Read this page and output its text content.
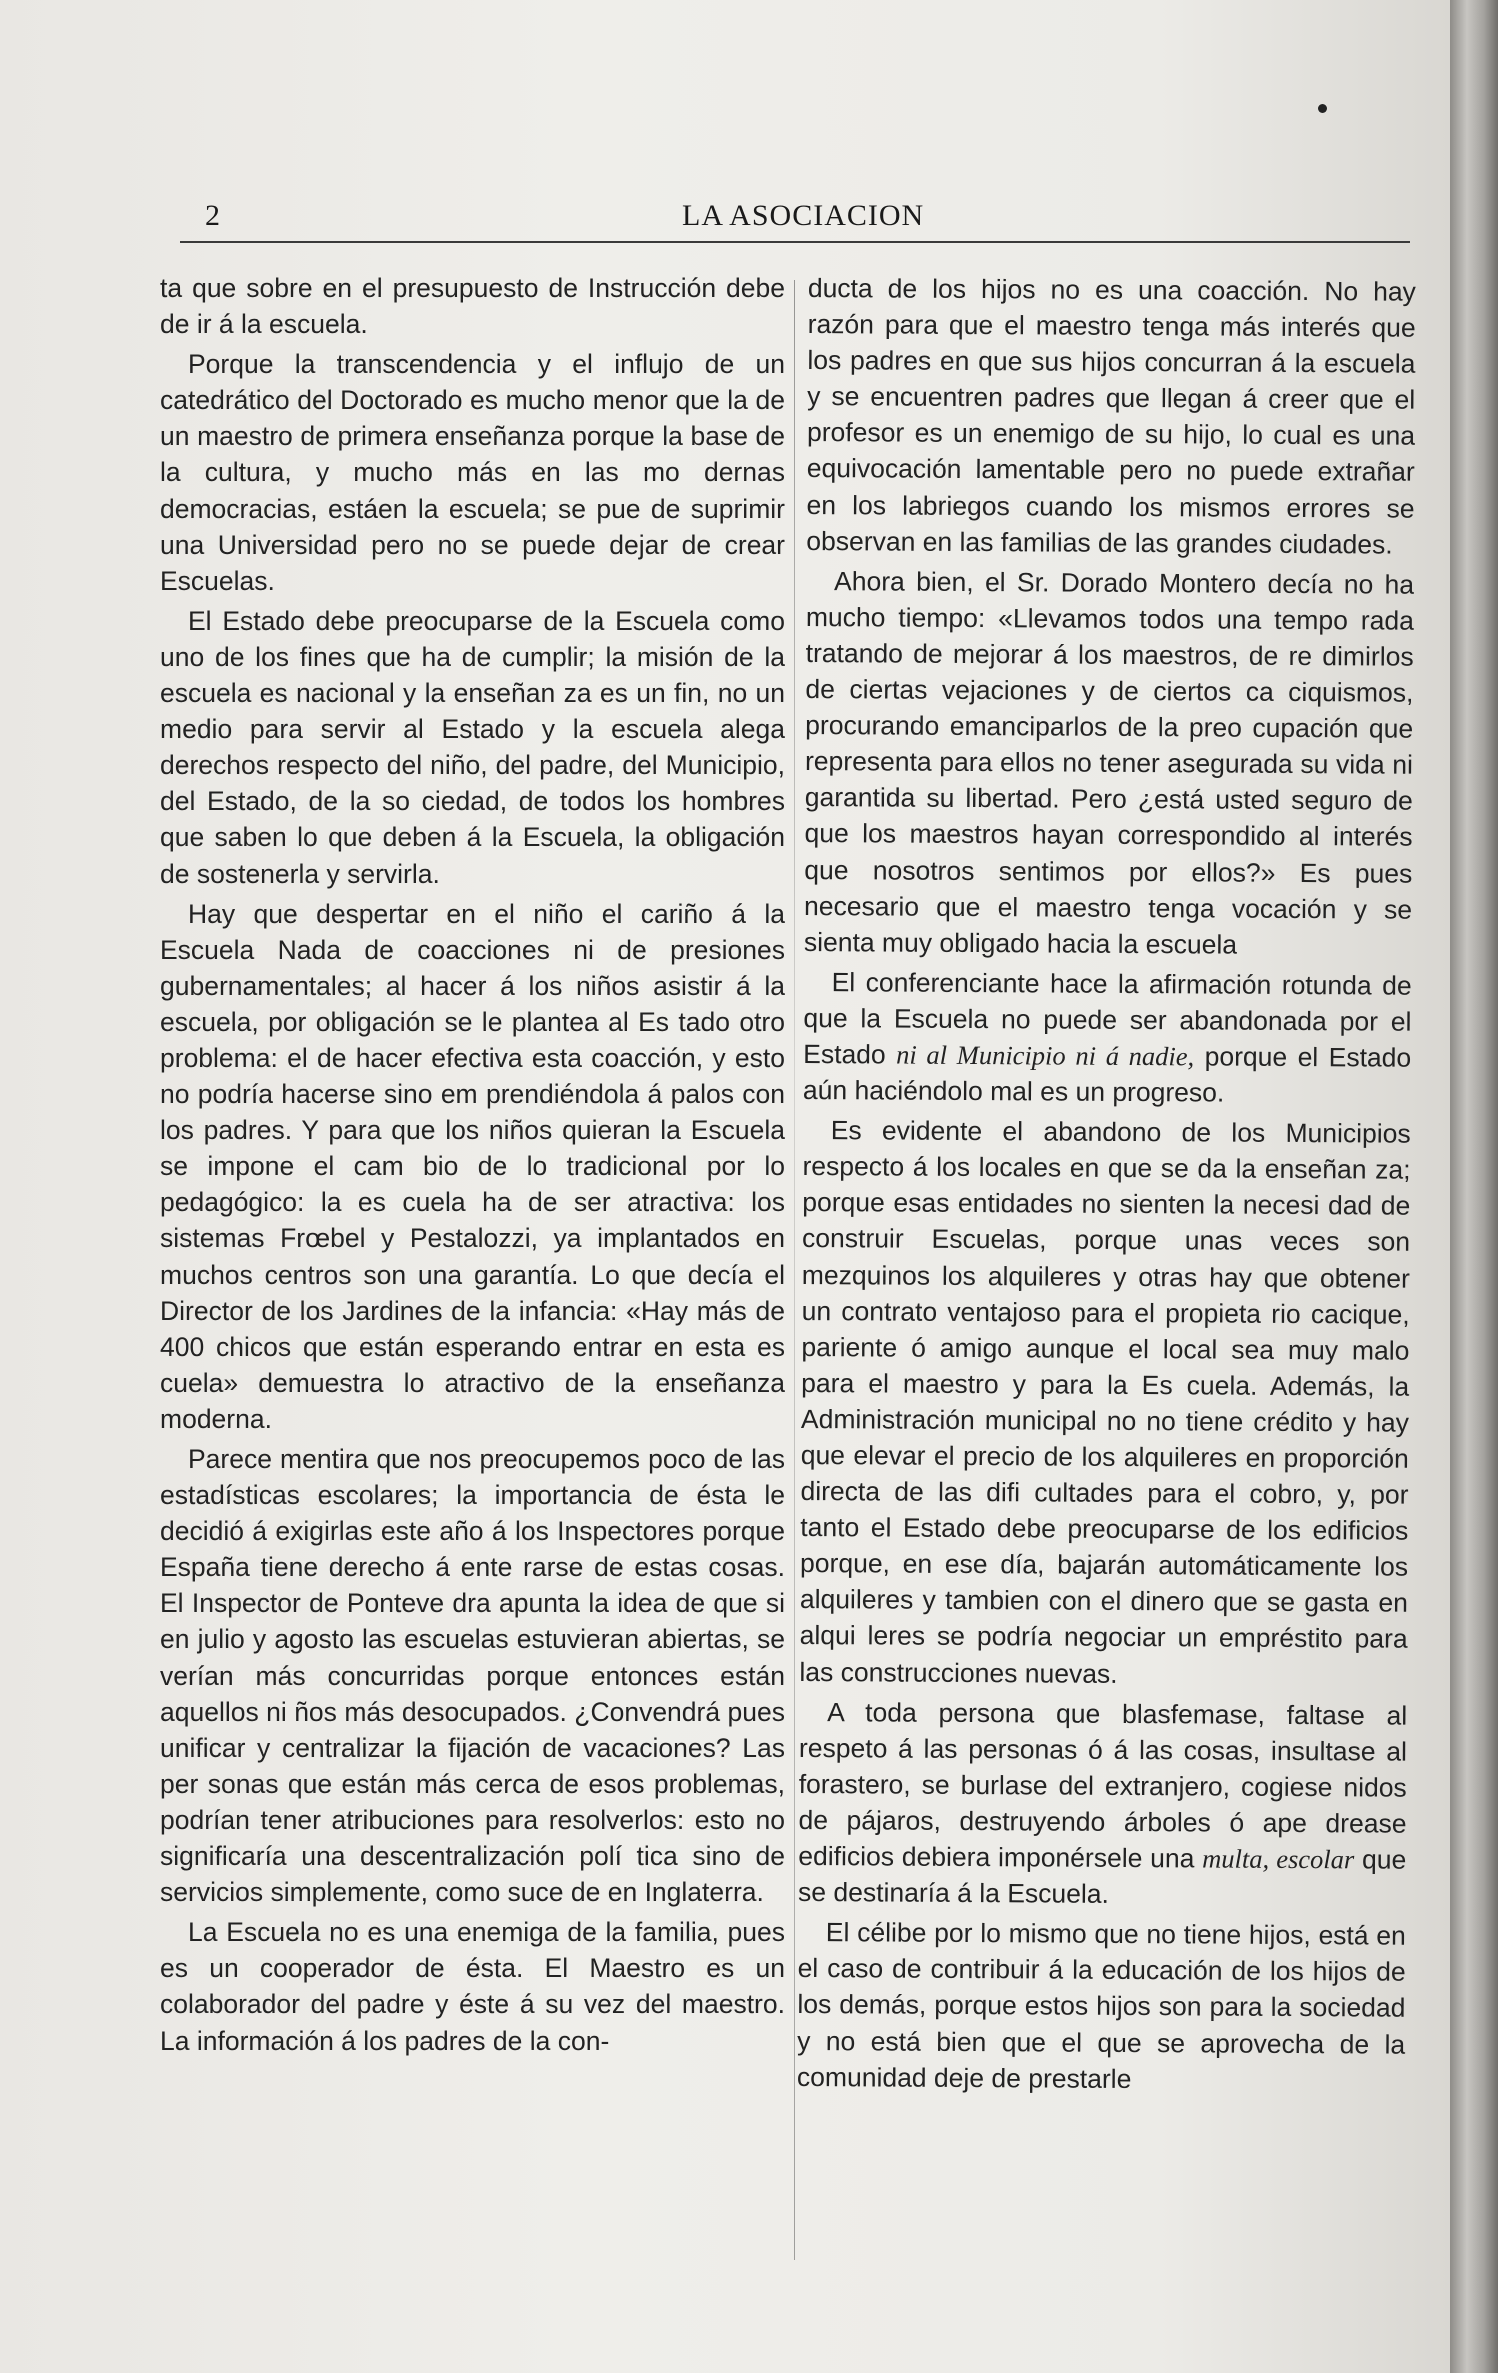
2	LA ASOCIACION

ta que sobre en el presupuesto de Instrucción debe de ir á la escuela.

Porque la transcendencia y el influjo de un catedrático del Doctorado es mucho menor que la de un maestro de primera enseñanza porque la base de la cultura, y mucho más en las mo dernas democracias, estáen la escuela; se pue de suprimir una Universidad pero no se puede dejar de crear Escuelas.

El Estado debe preocuparse de la Escuela como uno de los fines que ha de cumplir; la misión de la escuela es nacional y la enseñan za es un fin, no un medio para servir al Estado y la escuela alega derechos respecto del niño, del padre, del Municipio, del Estado, de la so ciedad, de todos los hombres que saben lo que deben á la Escuela, la obligación de sostenerla y servirla.

Hay que despertar en el niño el cariño á la Escuela Nada de coacciones ni de presiones gubernamentales; al hacer á los niños asistir á la escuela, por obligación se le plantea al Es tado otro problema: el de hacer efectiva esta coacción, y esto no podría hacerse sino em prendiéndola á palos con los padres. Y para que los niños quieran la Escuela se impone el cam bio de lo tradicional por lo pedagógico: la es cuela ha de ser atractiva: los sistemas Frœbel y Pestalozzi, ya implantados en muchos centros son una garantía. Lo que decía el Director de los Jardines de la infancia: «Hay más de 400 chicos que están esperando entrar en esta es cuela» demuestra lo atractivo de la enseñanza moderna.

Parece mentira que nos preocupemos poco de las estadísticas escolares; la importancia de ésta le decidió á exigirlas este año á los Inspectores porque España tiene derecho á ente rarse de estas cosas. El Inspector de Ponteve dra apunta la idea de que si en julio y agosto las escuelas estuvieran abiertas, se verían más concurridas porque entonces están aquellos ni ños más desocupados. ¿Convendrá pues unificar y centralizar la fijación de vacaciones? Las per sonas que están más cerca de esos problemas, podrían tener atribuciones para resolverlos: esto no significaría una descentralización polí tica sino de servicios simplemente, como suce de en Inglaterra.

La Escuela no es una enemiga de la familia, pues es un cooperador de ésta. El Maestro es un colaborador del padre y éste á su vez del maestro. La información á los padres de la con-

ducta de los hijos no es una coacción. No hay razón para que el maestro tenga más interés que los padres en que sus hijos concurran á la escuela y se encuentren padres que llegan á creer que el profesor es un enemigo de su hijo, lo cual es una equivocación lamentable pero no puede extrañar en los labriegos cuando los mismos errores se observan en las familias de las grandes ciudades.

Ahora bien, el Sr. Dorado Montero decía no ha mucho tiempo: «Llevamos todos una tempo rada tratando de mejorar á los maestros, de re dimirlos de ciertas vejaciones y de ciertos ca ciquismos, procurando emanciparlos de la preo cupación que representa para ellos no tener asegurada su vida ni garantida su libertad. Pero ¿está usted seguro de que los maestros hayan correspondido al interés que nosotros sentimos por ellos?» Es pues necesario que el maestro tenga vocación y se sienta muy obligado hacia la escuela

El conferenciante hace la afirmación rotunda de que la Escuela no puede ser abandonada por el Estado ni al Municipio ni á nadie, porque el Estado aún haciéndolo mal es un progreso.

Es evidente el abandono de los Municipios respecto á los locales en que se da la enseñan za; porque esas entidades no sienten la necesi dad de construir Escuelas, porque unas veces son mezquinos los alquileres y otras hay que obtener un contrato ventajoso para el propieta rio cacique, pariente ó amigo aunque el local sea muy malo para el maestro y para la Es cuela. Además, la Administración municipal no no tiene crédito y hay que elevar el precio de los alquileres en proporción directa de las difi cultades para el cobro, y, por tanto el Estado debe preocuparse de los edificios porque, en ese día, bajarán automáticamente los alquileres y tambien con el dinero que se gasta en alqui leres se podría negociar un empréstito para las construcciones nuevas.

A toda persona que blasfemase, faltase al respeto á las personas ó á las cosas, insultase al forastero, se burlase del extranjero, cogiese nidos de pájaros, destruyendo árboles ó ape drease edificios debiera imponérsele una multa, escolar que se destinaría á la Escuela.

El célibe por lo mismo que no tiene hijos, está en el caso de contribuir á la educación de los hijos de los demás, porque estos hijos son para la sociedad y no está bien que el que se aprovecha de la comunidad deje de prestarle
